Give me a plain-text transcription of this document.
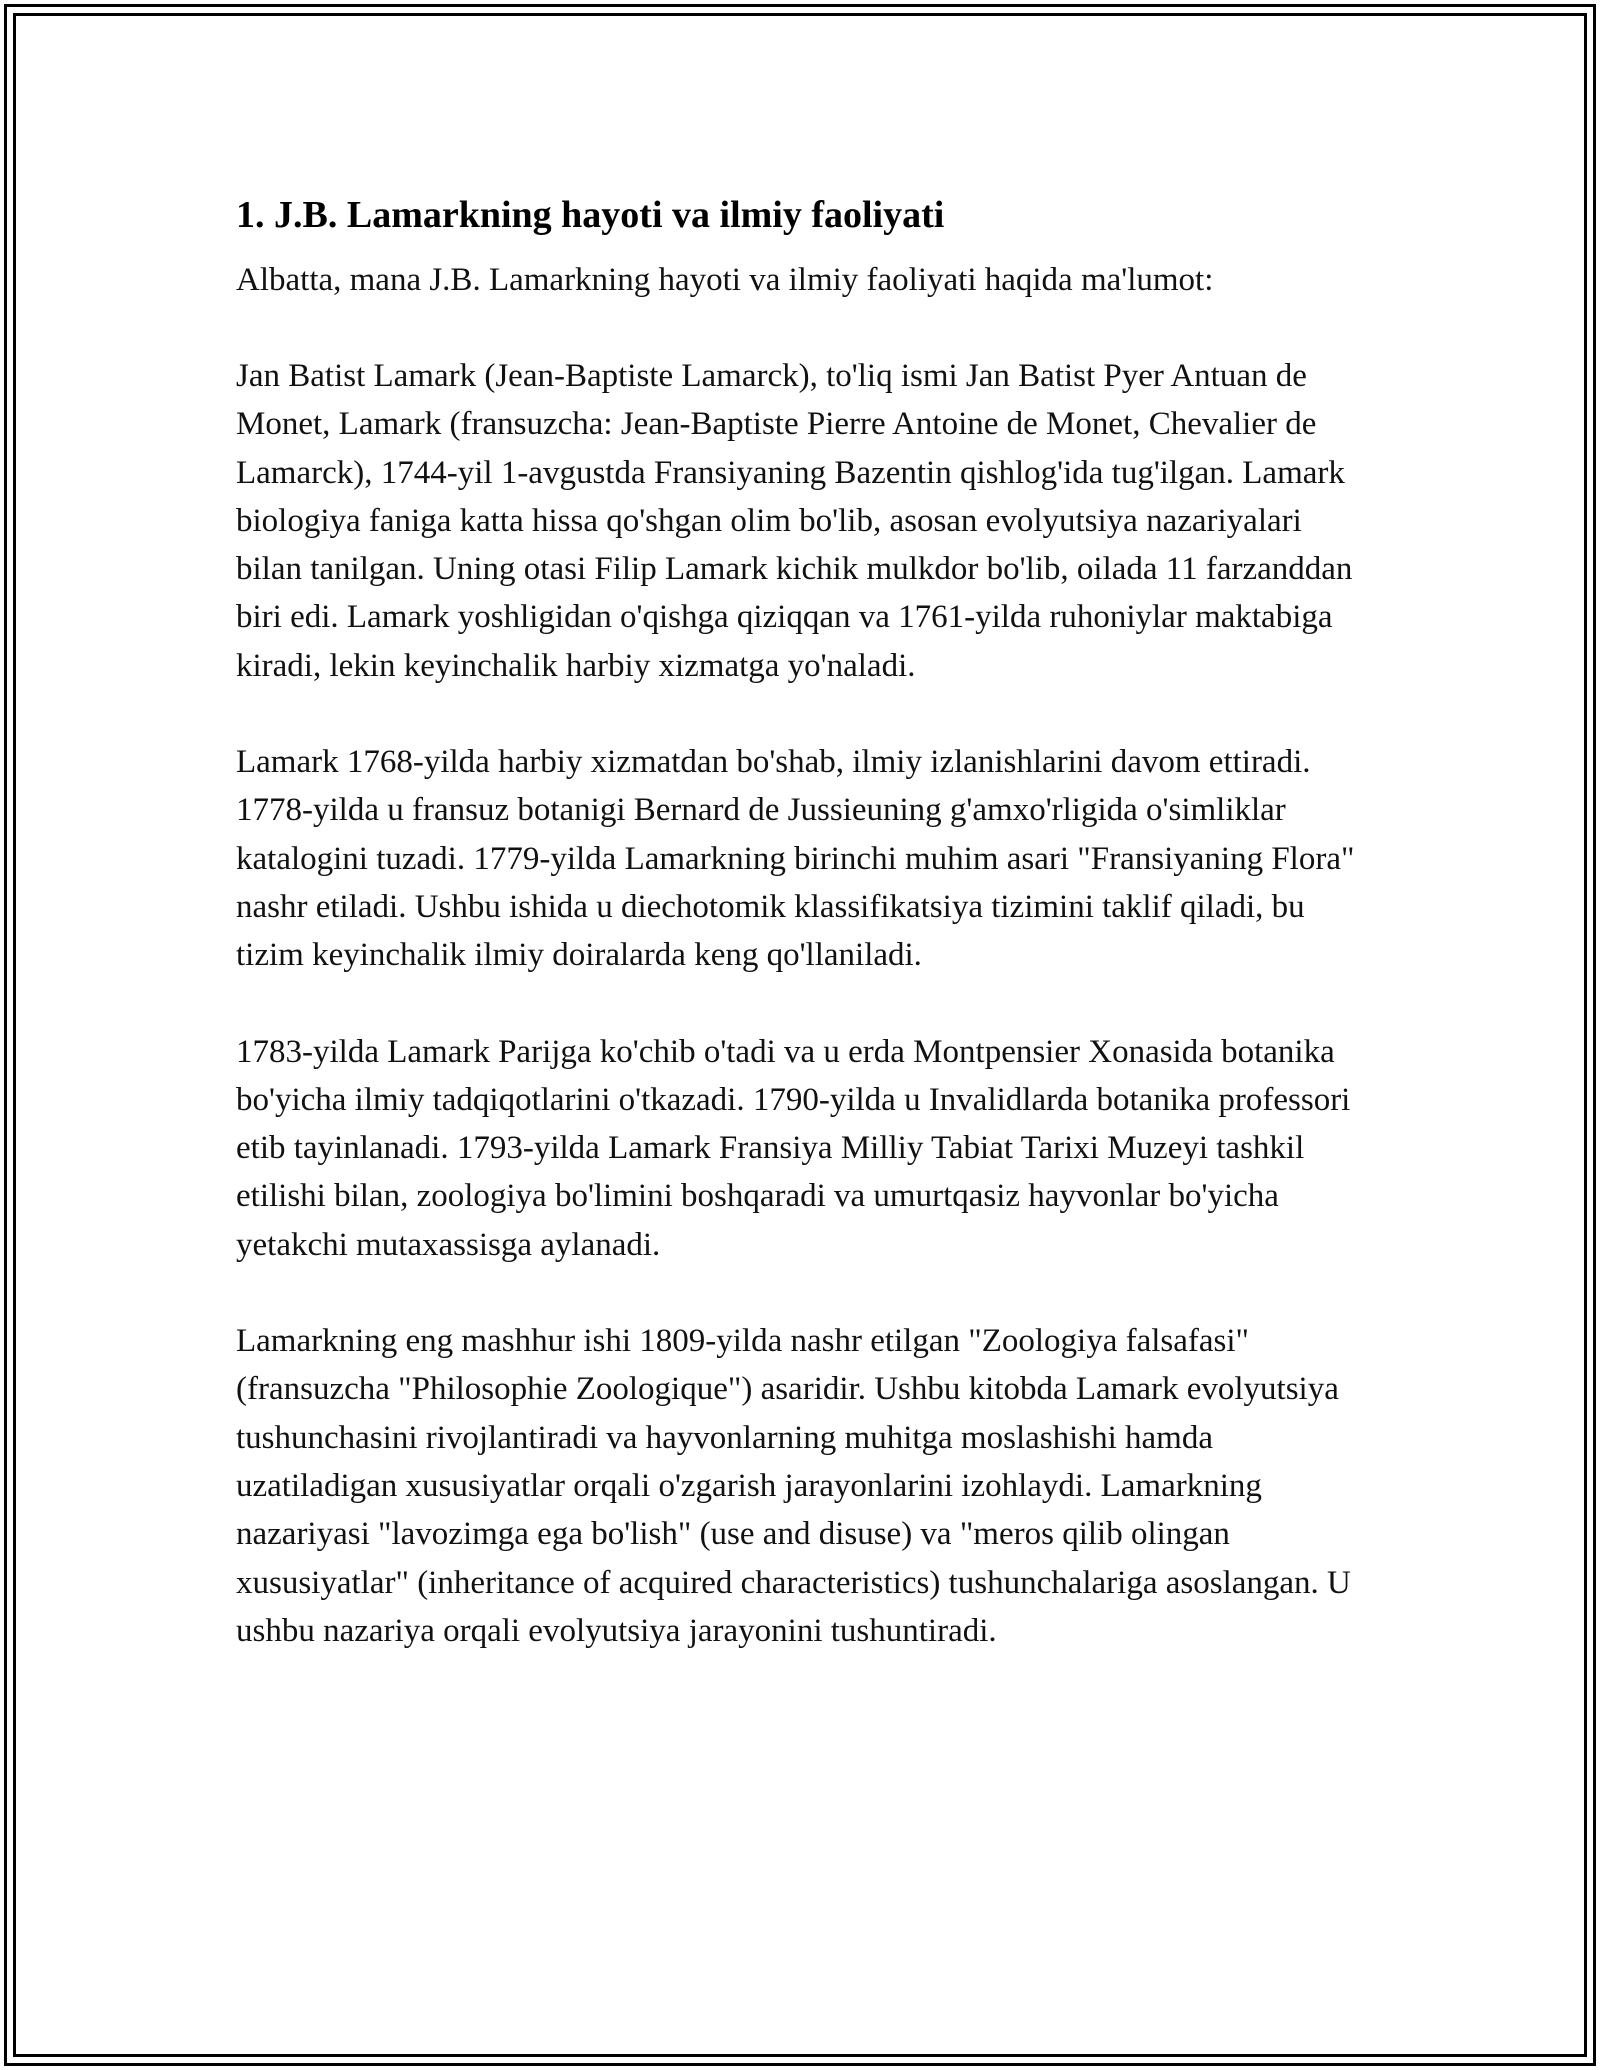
1. J.B. Lamarkning hayoti va ilmiy faoliyati

Albatta, mana J.B. Lamarkning hayoti va ilmiy faoliyati haqida ma'lumot:

Jan Batist Lamark (Jean-Baptiste Lamarck), to'liq ismi Jan Batist Pyer Antuan de Monet, Lamark (fransuzcha: Jean-Baptiste Pierre Antoine de Monet, Chevalier de Lamarck), 1744-yil 1-avgustda Fransiyaning Bazentin qishlog'ida tug'ilgan. Lamark biologiya faniga katta hissa qo'shgan olim bo'lib, asosan evolyutsiya nazariyalari bilan tanilgan. Uning otasi Filip Lamark kichik mulkdor bo'lib, oilada 11 farzanddan biri edi. Lamark yoshligidan o'qishga qiziqqan va 1761-yilda ruhoniylar maktabiga kiradi, lekin keyinchalik harbiy xizmatga yo'naladi.

Lamark 1768-yilda harbiy xizmatdan bo'shab, ilmiy izlanishlarini davom ettiradi. 1778-yilda u fransuz botanigi Bernard de Jussieuning g'amxo'rligida o'simliklar katalogini tuzadi. 1779-yilda Lamarkning birinchi muhim asari "Fransiyaning Flora" nashr etiladi. Ushbu ishida u diechotomik klassifikatsiya tizimini taklif qiladi, bu tizim keyinchalik ilmiy doiralarda keng qo'llaniladi.

1783-yilda Lamark Parijga ko'chib o'tadi va u erda Montpensier Xonasida botanika bo'yicha ilmiy tadqiqotlarini o'tkazadi. 1790-yilda u Invalidlarda botanika professori etib tayinlanadi. 1793-yilda Lamark Fransiya Milliy Tabiat Tarixi Muzeyi tashkil etilishi bilan, zoologiya bo'limini boshqaradi va umurtqasiz hayvonlar bo'yicha yetakchi mutaxassisga aylanadi.

Lamarkning eng mashhur ishi 1809-yilda nashr etilgan "Zoologiya falsafasi" (fransuzcha "Philosophie Zoologique") asaridir. Ushbu kitobda Lamark evolyutsiya tushunchasini rivojlantiradi va hayvonlarning muhitga moslashishi hamda uzatiladigan xususiyatlar orqali o'zgarish jarayonlarini izohlaydi. Lamarkning nazariyasi "lavozimga ega bo'lish" (use and disuse) va "meros qilib olingan xususiyatlar" (inheritance of acquired characteristics) tushunchalariga asoslangan. U ushbu nazariya orqali evolyutsiya jarayonini tushuntiradi.
